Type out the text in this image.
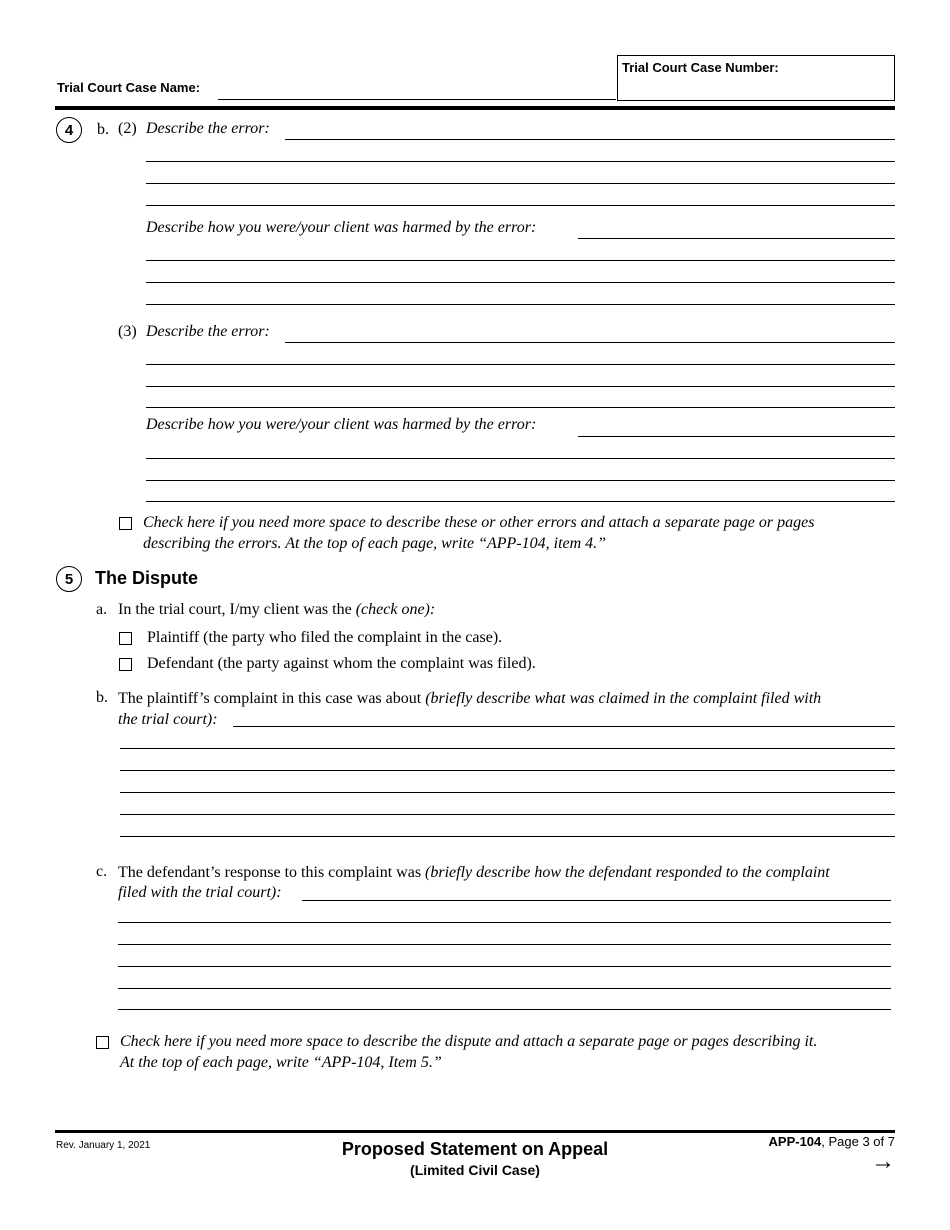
Trial Court Case Name:
Trial Court Case Number:
4 b. (2) Describe the error:
Describe how you were/your client was harmed by the error:
(3) Describe the error:
Describe how you were/your client was harmed by the error:
Check here if you need more space to describe these or other errors and attach a separate page or pages
describing the errors. At the top of each page, write “APP-104, item 4.”
5 The Dispute
a. In the trial court, I/my client was the (check one):
Plaintiff (the party who filed the complaint in the case).
Defendant (the party against whom the complaint was filed).
b. The plaintiff’s complaint in this case was about (briefly describe what was claimed in the complaint filed with
the trial court):
c. The defendant’s response to this complaint was (briefly describe how the defendant responded to the complaint
filed with the trial court):
Check here if you need more space to describe the dispute and attach a separate page or pages describing it.
At the top of each page, write “APP-104, Item 5.”
Rev. January 1, 2021	Proposed Statement on Appeal
(Limited Civil Case)
APP-104, Page 3 of 7
→
